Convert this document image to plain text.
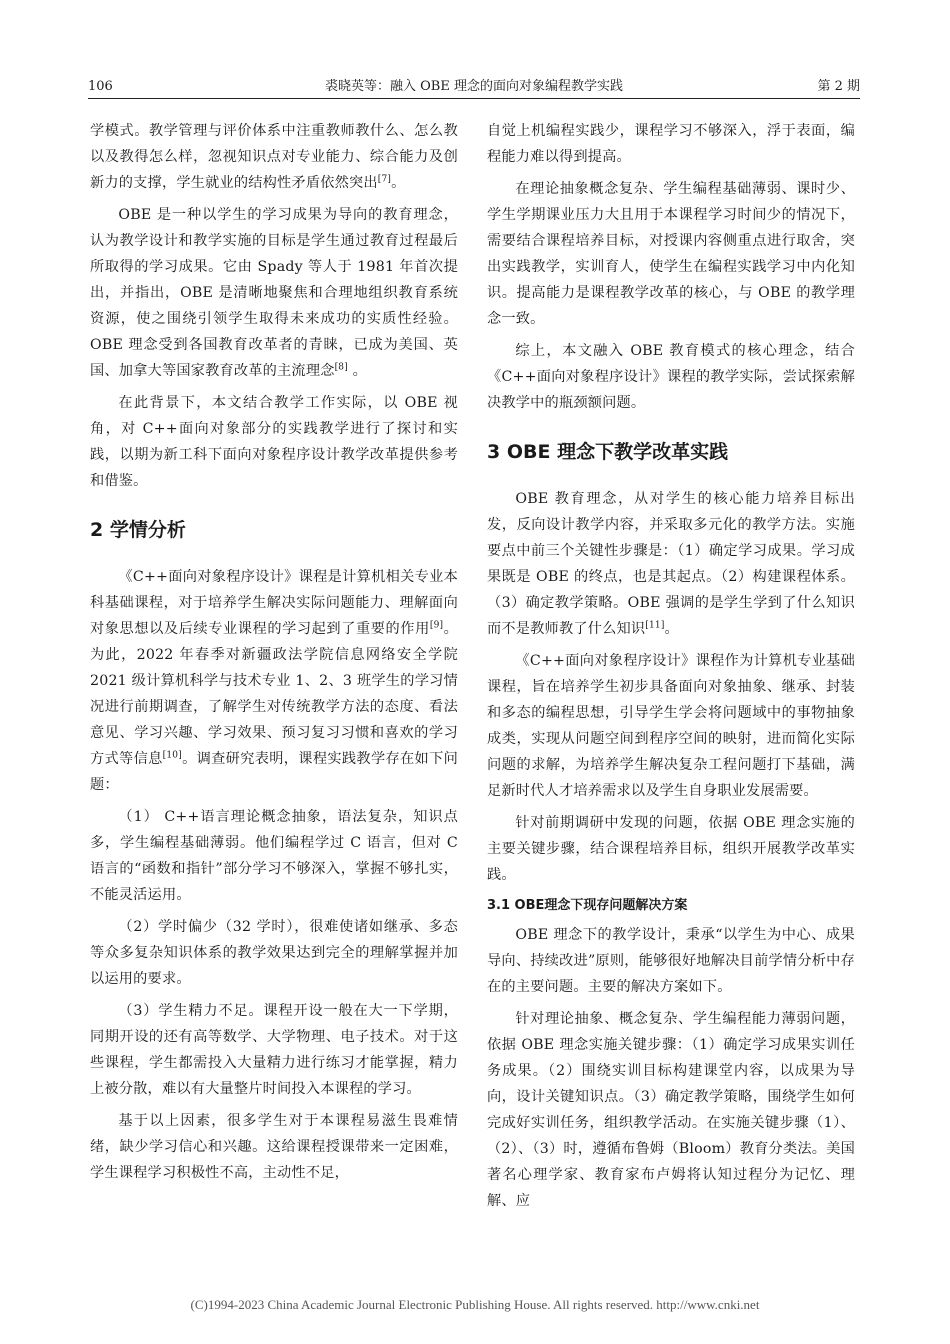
106	裘晓英等：融入 OBE 理念的面向对象编程教学实践	第 2 期

学模式。教学管理与评价体系中注重教师教什么、怎么教以及教得怎么样，忽视知识点对专业能力、综合能力及创新力的支撑，学生就业的结构性矛盾依然突出[7]。

OBE 是一种以学生的学习成果为导向的教育理念，认为教学设计和教学实施的目标是学生通过教育过程最后所取得的学习成果。它由 Spady 等人于 1981 年首次提出，并指出，OBE 是清晰地聚焦和合理地组织教育系统资源，使之围绕引领学生取得未来成功的实质性经验。OBE 理念受到各国教育改革者的青睐，已成为美国、英国、加拿大等国家教育改革的主流理念[8] 。

在此背景下，本文结合教学工作实际，以 OBE 视角，对 C++面向对象部分的实践教学进行了探讨和实践，以期为新工科下面向对象程序设计教学改革提供参考和借鉴。

2 学情分析

《C++面向对象程序设计》课程是计算机相关专业本科基础课程，对于培养学生解决实际问题能力、理解面向对象思想以及后续专业课程的学习起到了重要的作用[9]。为此，2022 年春季对新疆政法学院信息网络安全学院 2021 级计算机科学与技术专业 1、2、3 班学生的学习情况进行前期调查，了解学生对传统教学方法的态度、看法意见、学习兴趣、学习效果、预习复习习惯和喜欢的学习方式等信息[10]。调查研究表明，课程实践教学存在如下问题：

（1） C++语言理论概念抽象，语法复杂，知识点多，学生编程基础薄弱。他们编程学过 C 语言，但对 C 语言的“函数和指针”部分学习不够深入，掌握不够扎实，不能灵活运用。

（2）学时偏少（32 学时），很难使诸如继承、多态等众多复杂知识体系的教学效果达到完全的理解掌握并加以运用的要求。

（3）学生精力不足。课程开设一般在大一下学期，同期开设的还有高等数学、大学物理、电子技术。对于这些课程，学生都需投入大量精力进行练习才能掌握，精力上被分散，难以有大量整片时间投入本课程的学习。

基于以上因素，很多学生对于本课程易滋生畏难情绪，缺少学习信心和兴趣。这给课程授课带来一定困难，学生课程学习积极性不高，主动性不足，

自觉上机编程实践少，课程学习不够深入，浮于表面，编程能力难以得到提高。

在理论抽象概念复杂、学生编程基础薄弱、课时少、学生学期课业压力大且用于本课程学习时间少的情况下，需要结合课程培养目标，对授课内容侧重点进行取舍，突出实践教学，实训育人，使学生在编程实践学习中内化知识。提高能力是课程教学改革的核心，与 OBE 的教学理念一致。

综上，本文融入 OBE 教育模式的核心理念，结合《C++面向对象程序设计》课程的教学实际，尝试探索解决教学中的瓶颈额问题。

3 OBE 理念下教学改革实践

OBE 教育理念，从对学生的核心能力培养目标出发，反向设计教学内容，并采取多元化的教学方法。实施要点中前三个关键性步骤是：（1）确定学习成果。学习成果既是 OBE 的终点，也是其起点。（2）构建课程体系。（3）确定教学策略。OBE 强调的是学生学到了什么知识而不是教师教了什么知识[11]。

《C++面向对象程序设计》课程作为计算机专业基础课程，旨在培养学生初步具备面向对象抽象、继承、封装和多态的编程思想，引导学生学会将问题域中的事物抽象成类，实现从问题空间到程序空间的映射，进而简化实际问题的求解，为培养学生解决复杂工程问题打下基础，满足新时代人才培养需求以及学生自身职业发展需要。

针对前期调研中发现的问题，依据 OBE 理念实施的主要关键步骤，结合课程培养目标，组织开展教学改革实践。

3.1 OBE理念下现存问题解决方案

OBE 理念下的教学设计，秉承“以学生为中心、成果导向、持续改进”原则，能够很好地解决目前学情分析中存在的主要问题。主要的解决方案如下。

针对理论抽象、概念复杂、学生编程能力薄弱问题，依据 OBE 理念实施关键步骤：（1）确定学习成果实训任务成果。（2）围绕实训目标构建课堂内容，以成果为导向，设计关键知识点。（3）确定教学策略，围绕学生如何完成好实训任务，组织教学活动。在实施关键步骤（1）、（2）、（3）时，遵循布鲁姆（Bloom）教育分类法。美国著名心理学家、教育家布卢姆将认知过程分为记忆、理解、应

(C)1994-2023 China Academic Journal Electronic Publishing House. All rights reserved. http://www.cnki.net
